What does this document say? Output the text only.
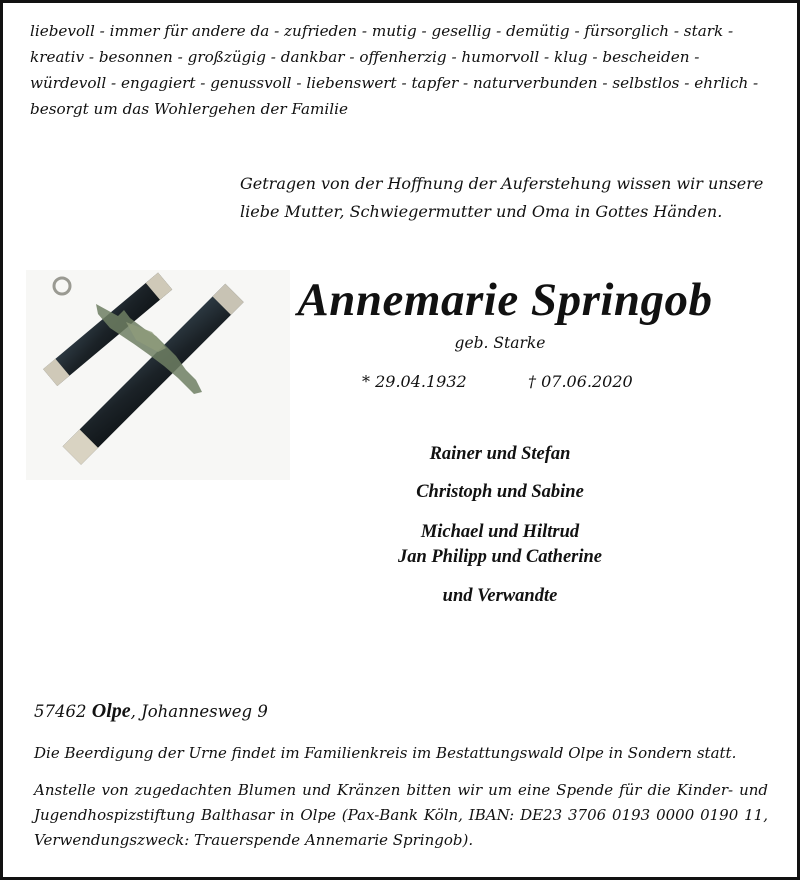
liebevoll - immer für andere da - zufrieden - mutig - gesellig - demütig - fürsorglich - stark - kreativ - besonnen - großzügig - dankbar - offenherzig - humorvoll - klug - bescheiden - würdevoll - engagiert - genussvoll - liebenswert - tapfer - naturverbunden - selbstlos - ehrlich - besorgt um das Wohlergehen der Familie
Getragen von der Hoffnung der Auferstehung wissen wir unsere liebe Mutter, Schwiegermutter und Oma in Gottes Händen.
Annemarie Springob
geb. Starke
* 29.04.1932	† 07.06.2020
Rainer und Stefan
Christoph und Sabine
Michael und Hiltrud
Jan Philipp und Catherine
und Verwandte
57462 Olpe, Johannesweg 9
Die Beerdigung der Urne findet im Familienkreis im Bestattungswald Olpe in Sondern statt.
Anstelle von zugedachten Blumen und Kränzen bitten wir um eine Spende für die Kinder- und Jugendhospizstiftung Balthasar in Olpe (Pax-Bank Köln, IBAN: DE23 3706 0193 0000 0190 11, Verwendungszweck: Trauerspende Annemarie Springob).
